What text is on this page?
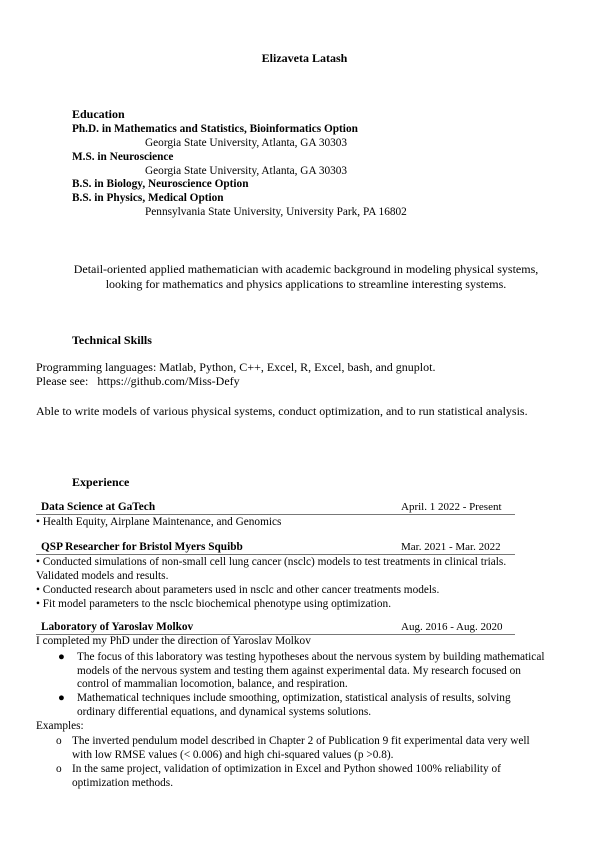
Elizaveta Latash
Education
Ph.D. in Mathematics and Statistics, Bioinformatics Option
Georgia State University, Atlanta, GA 30303
M.S. in Neuroscience
Georgia State University, Atlanta, GA 30303
B.S. in Biology, Neuroscience Option
B.S. in Physics, Medical Option
Pennsylvania State University, University Park, PA 16802
Detail-oriented applied mathematician with academic background in modeling physical systems,
looking for mathematics and physics applications to streamline interesting systems.
Technical Skills
Programming languages: Matlab, Python, C++, Excel, R, Excel, bash, and gnuplot.
Please see: https://github.com/Miss-Defy
Able to write models of various physical systems, conduct optimization, and to run statistical analysis.
Experience
Data Science at GaTech	April. 1 2022 - Present
• Health Equity, Airplane Maintenance, and Genomics
QSP Researcher for Bristol Myers Squibb	Mar. 2021 - Mar. 2022
• Conducted simulations of non-small cell lung cancer (nsclc) models to test treatments in clinical trials.
Validated models and results.
• Conducted research about parameters used in nsclc and other cancer treatments models.
• Fit model parameters to the nsclc biochemical phenotype using optimization.
Laboratory of Yaroslav Molkov	Aug. 2016 - Aug. 2020
I completed my PhD under the direction of Yaroslav Molkov
● The focus of this laboratory was testing hypotheses about the nervous system by building mathematical
models of the nervous system and testing them against experimental data. My research focused on
control of mammalian locomotion, balance, and respiration.
● Mathematical techniques include smoothing, optimization, statistical analysis of results, solving
ordinary differential equations, and dynamical systems solutions.
Examples:
o The inverted pendulum model described in Chapter 2 of Publication 9 fit experimental data very well
with low RMSE values (< 0.006) and high chi-squared values (p >0.8).
o In the same project, validation of optimization in Excel and Python showed 100% reliability of
optimization methods.
